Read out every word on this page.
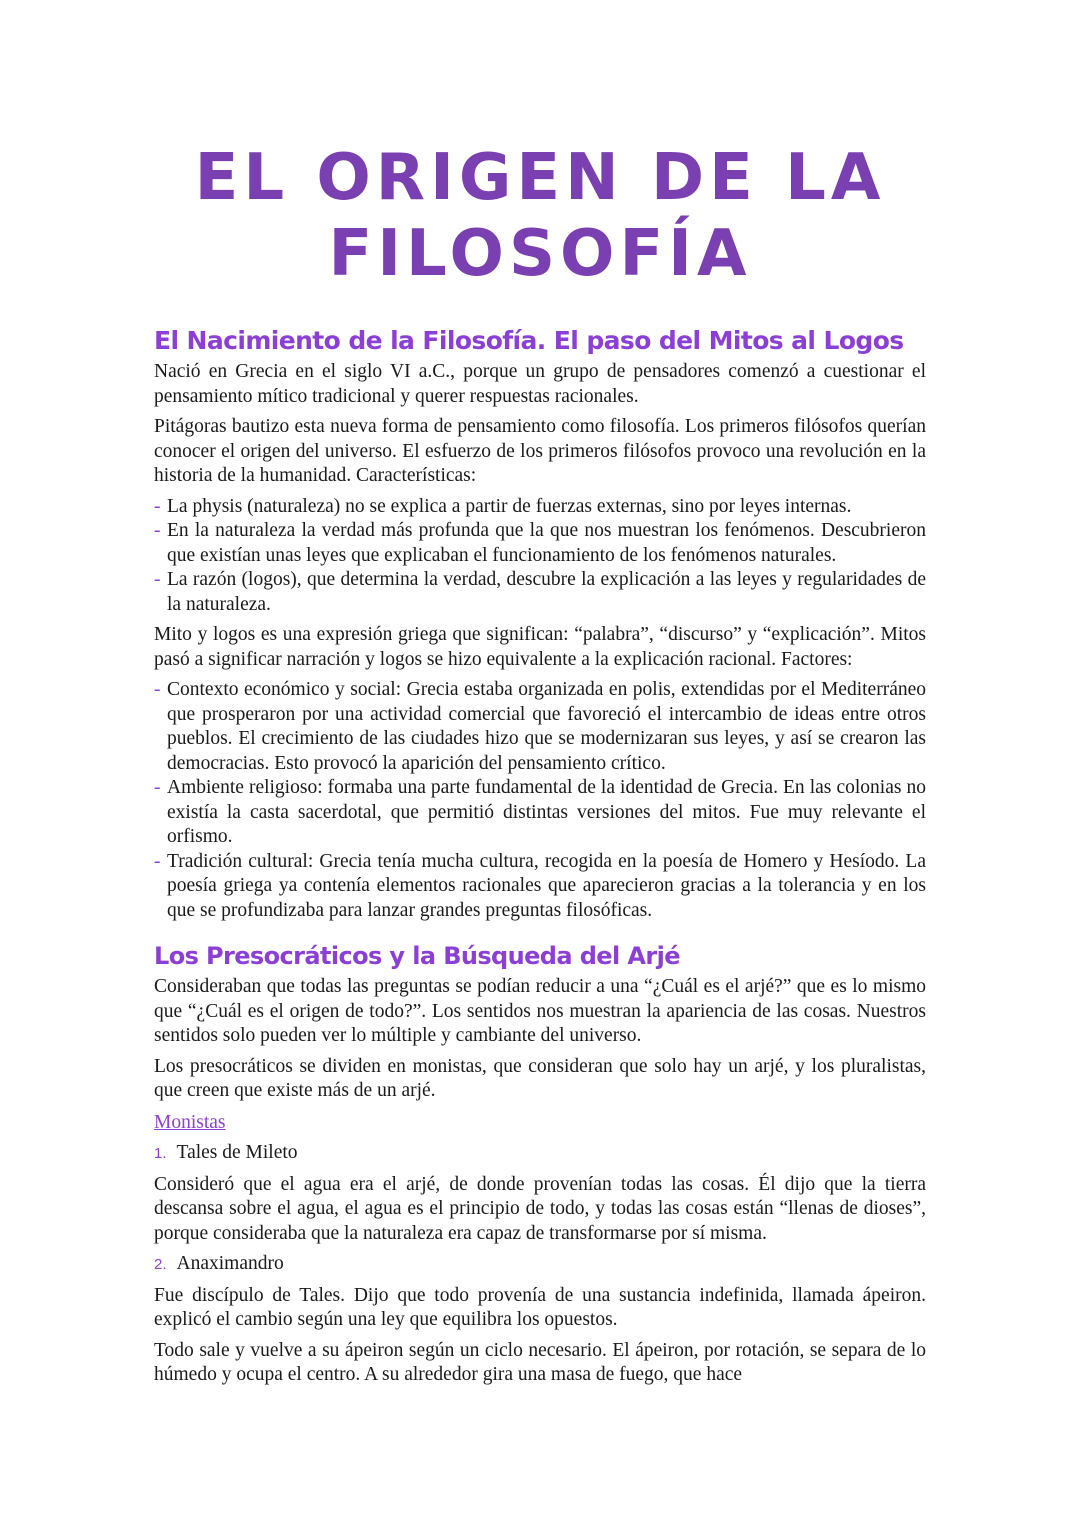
EL ORIGEN DE LA FILOSOFÍA
El Nacimiento de la Filosofía. El paso del Mitos al Logos

Nació en Grecia en el siglo VI a.C., porque un grupo de pensadores comenzó a cuestionar el pensamiento mítico tradicional y querer respuestas racionales.

Pitágoras bautizo esta nueva forma de pensamiento como filosofía. Los primeros filósofos querían conocer el origen del universo. El esfuerzo de los primeros filósofos provoco una revolución en la historia de la humanidad. Características:

- La physis (naturaleza) no se explica a partir de fuerzas externas, sino por leyes internas.
- En la naturaleza la verdad más profunda que la que nos muestran los fenómenos. Descubrieron que existían unas leyes que explicaban el funcionamiento de los fenómenos naturales.
- La razón (logos), que determina la verdad, descubre la explicación a las leyes y regularidades de la naturaleza.

Mito y logos es una expresión griega que significan: “palabra”, “discurso” y “explicación”. Mitos pasó a significar narración y logos se hizo equivalente a la explicación racional. Factores:

- Contexto económico y social: Grecia estaba organizada en polis, extendidas por el Mediterráneo que prosperaron por una actividad comercial que favoreció el intercambio de ideas entre otros pueblos. El crecimiento de las ciudades hizo que se modernizaran sus leyes, y así se crearon las democracias. Esto provocó la aparición del pensamiento crítico.
- Ambiente religioso: formaba una parte fundamental de la identidad de Grecia. En las colonias no existía la casta sacerdotal, que permitió distintas versiones del mitos. Fue muy relevante el orfismo.
- Tradición cultural: Grecia tenía mucha cultura, recogida en la poesía de Homero y Hesíodo. La poesía griega ya contenía elementos racionales que aparecieron gracias a la tolerancia y en los que se profundizaba para lanzar grandes preguntas filosóficas.
Los Presocráticos y la Búsqueda del Arjé

Consideraban que todas las preguntas se podían reducir a una “¿Cuál es el arjé?” que es lo mismo que “¿Cuál es el origen de todo?”. Los sentidos nos muestran la apariencia de las cosas. Nuestros sentidos solo pueden ver lo múltiple y cambiante del universo.

Los presocráticos se dividen en monistas, que consideran que solo hay un arjé, y los pluralistas, que creen que existe más de un arjé.

Monistas
1. Tales de Mileto

Consideró que el agua era el arjé, de donde provenían todas las cosas. Él dijo que la tierra descansa sobre el agua, el agua es el principio de todo, y todas las cosas están “llenas de dioses”, porque consideraba que la naturaleza era capaz de transformarse por sí misma.

2. Anaximandro

Fue discípulo de Tales. Dijo que todo provenía de una sustancia indefinida, llamada ápeiron. explicó el cambio según una ley que equilibra los opuestos.

Todo sale y vuelve a su ápeiron según un ciclo necesario. El ápeiron, por rotación, se separa de lo húmedo y ocupa el centro. A su alrededor gira una masa de fuego, que hace
